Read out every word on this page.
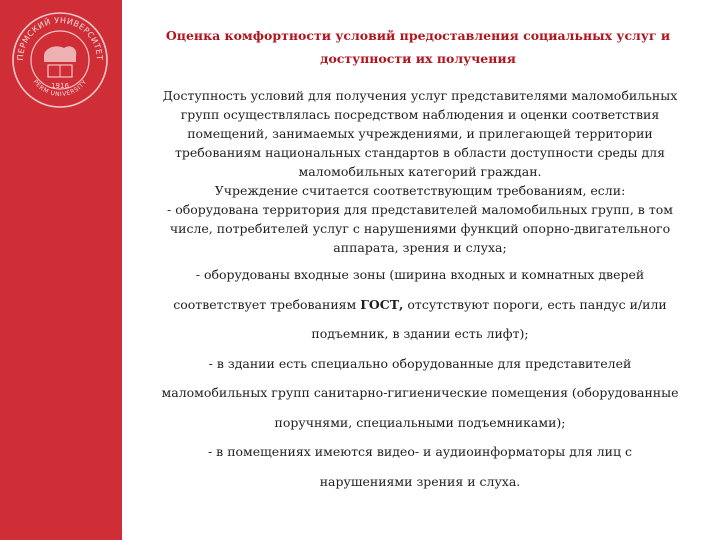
ПЕРМСКИЙ УНИВЕРСИТЕТ
PERM UNIVERSITY
1916
Оценка комфортности условий предоставления социальных услуг и
доступности их получения
Доступность условий для получения услуг представителями маломобильных
групп осуществлялась посредством наблюдения и оценки соответствия
помещений, занимаемых учреждениями, и прилегающей территории
требованиям национальных стандартов в области доступности среды для
маломобильных категорий граждан.
Учреждение считается соответствующим требованиям, если:
- оборудована территория для представителей маломобильных групп, в том
числе, потребителей услуг с нарушениями функций опорно-двигательного
аппарата, зрения и слуха;
- оборудованы входные зоны (ширина входных и комнатных дверей
соответствует требованиям ГОСТ, отсутствуют пороги, есть пандус и/или
подъемник, в здании есть лифт);
- в здании есть специально оборудованные для представителей
маломобильных групп санитарно-гигиенические помещения (оборудованные
поручнями, специальными подъемниками);
- в помещениях имеются видео- и аудиоинформаторы для лиц с
нарушениями зрения и слуха.
